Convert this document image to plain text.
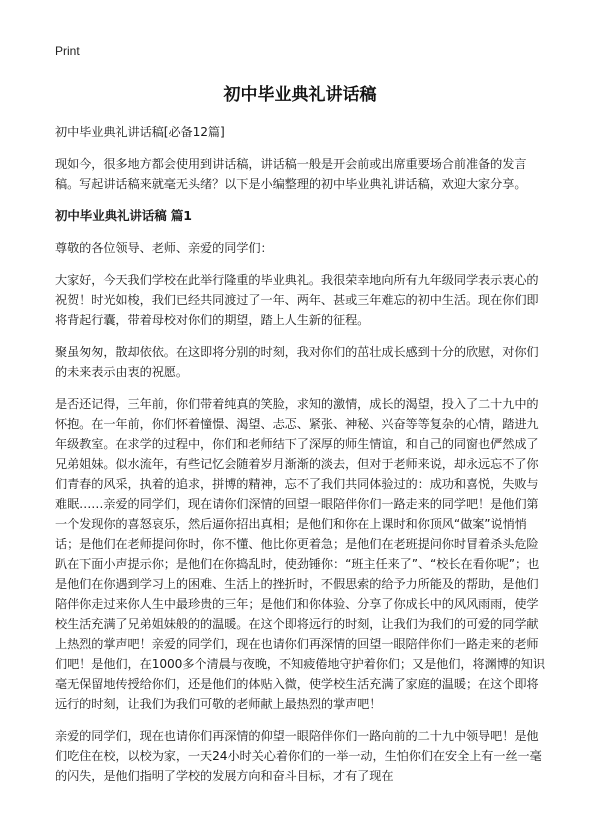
Print
初中毕业典礼讲话稿

初中毕业典礼讲话稿[必备12篇]

现如今，很多地方都会使用到讲话稿，讲话稿一般是开会前或出席重要场合前准备的发言稿。写起讲话稿来就毫无头绪？以下是小编整理的初中毕业典礼讲话稿，欢迎大家分享。

初中毕业典礼讲话稿 篇1

尊敬的各位领导、老师、亲爱的同学们：

大家好，今天我们学校在此举行隆重的毕业典礼。我很荣幸地向所有九年级同学表示衷心的祝贺！时光如梭，我们已经共同渡过了一年、两年、甚或三年难忘的初中生活。现在你们即将背起行囊，带着母校对你们的期望，踏上人生新的征程。

聚虽匆匆，散却依依。在这即将分别的时刻，我对你们的茁壮成长感到十分的欣慰，对你们的未来表示由衷的祝愿。

是否还记得，三年前，你们带着纯真的笑脸，求知的激情，成长的渴望，投入了二十九中的怀抱。在一年前，你们怀着憧憬、渴望、忐忑、紧张、神秘、兴奋等等复杂的心情，踏进九年级教室。在求学的过程中，你们和老师结下了深厚的师生情谊，和自己的同窗也俨然成了兄弟姐妹。似水流年，有些记忆会随着岁月渐渐的淡去，但对于老师来说，却永远忘不了你们青春的风采，执着的追求，拼博的精神，忘不了我们共同体验过的：成功和喜悦，失败与难眠……亲爱的同学们，现在请你们深情的回望一眼陪伴你们一路走来的同学吧！是他们第一个发现你的喜怒哀乐，然后逼你招出真相；是他们和你在上课时和你顶风“做案”说悄悄话；是他们在老师提问你时，你不懂、他比你更着急；是他们在老班提问你时冒着杀头危险趴在下面小声提示你；是他们在你捣乱时，使劲锤你：“班主任来了”、“校长在看你呢”；也是他们在你遇到学习上的困难、生活上的挫折时，不假思索的给予力所能及的帮助，是他们陪伴你走过来你人生中最珍贵的三年；是他们和你体验、分享了你成长中的风风雨雨，使学校生活充满了兄弟姐妹般的的温暖。在这个即将远行的时刻，让我们为我们的可爱的同学献上热烈的掌声吧！亲爱的同学们，现在也请你们再深情的回望一眼陪伴你们一路走来的老师们吧！是他们，在1000多个清晨与夜晚，不知疲倦地守护着你们；又是他们，将渊博的知识毫无保留地传授给你们，还是他们的体贴入微，使学校生活充满了家庭的温暖；在这个即将远行的时刻，让我们为我们可敬的老师献上最热烈的掌声吧！

亲爱的同学们，现在也请你们再深情的仰望一眼陪伴你们一路向前的二十九中领导吧！是他们吃住在校，以校为家，一天24小时关心着你们的一举一动，生怕你们在安全上有一丝一毫的闪失，是他们指明了学校的发展方向和奋斗目标，才有了现在
